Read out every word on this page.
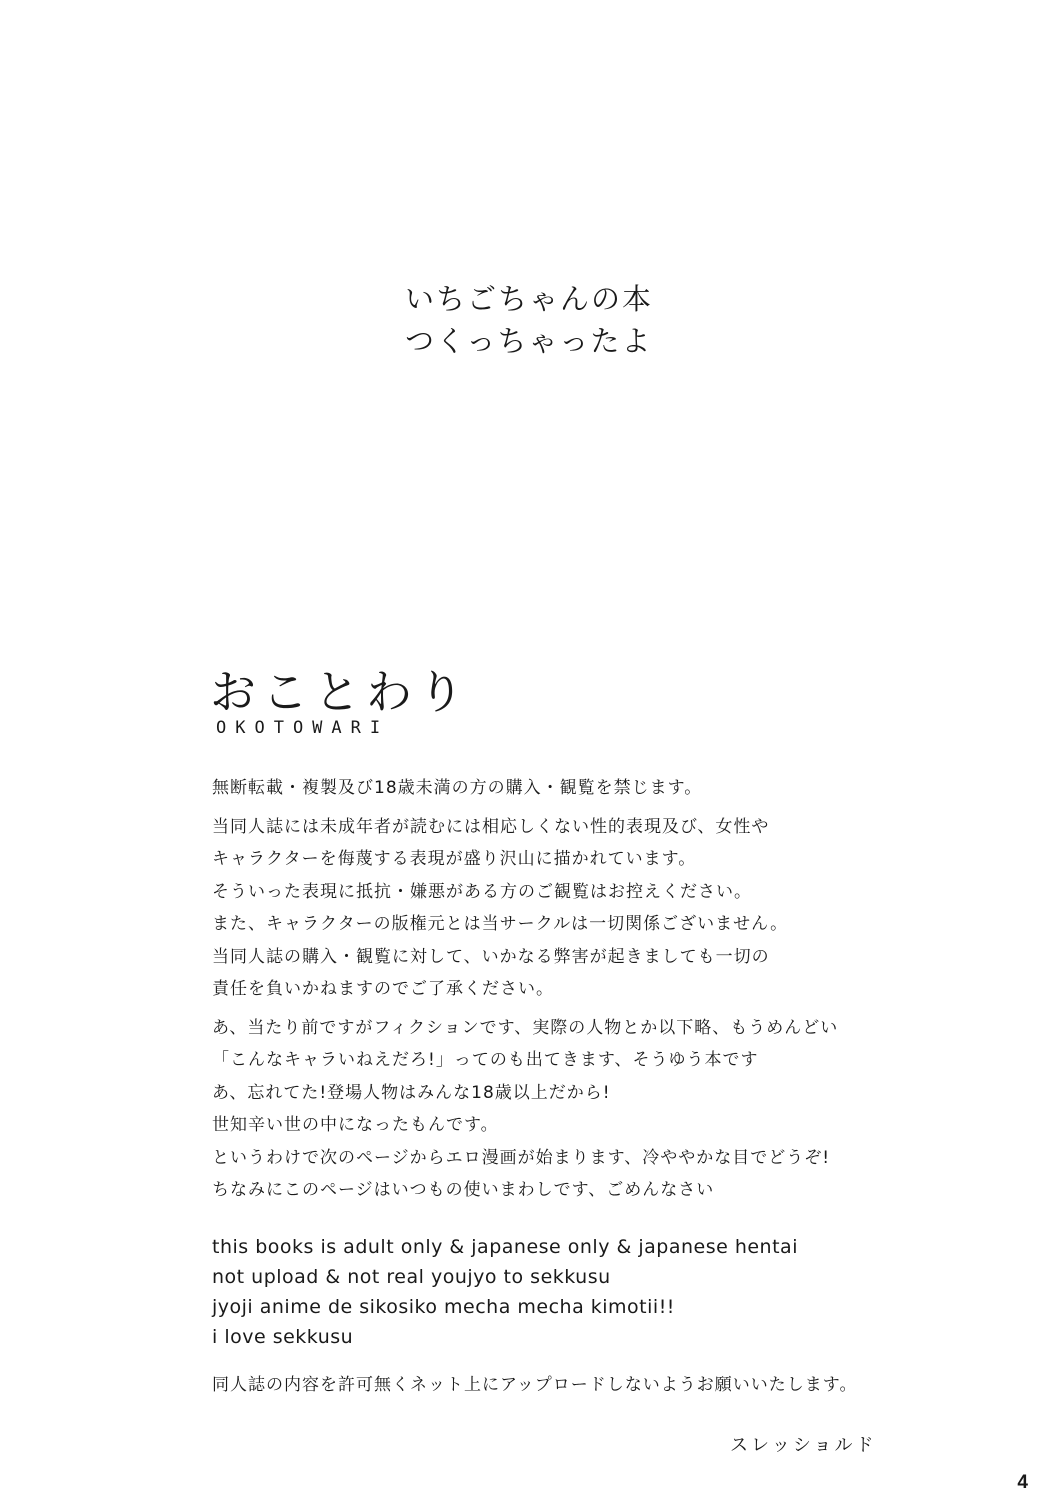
いちごちゃんの本
つくっちゃったよ
おことわり
OKOTOWARI
無断転載・複製及び18歳未満の方の購入・観覧を禁じます。
当同人誌には未成年者が読むには相応しくない性的表現及び、女性や
キャラクターを侮蔑する表現が盛り沢山に描かれています。
そういった表現に抵抗・嫌悪がある方のご観覧はお控えください。
また、キャラクターの版権元とは当サークルは一切関係ございません。
当同人誌の購入・観覧に対して、いかなる弊害が起きましても一切の
責任を負いかねますのでご了承ください。
あ、当たり前ですがフィクションです、実際の人物とか以下略、もうめんどい
「こんなキャラいねえだろ!」ってのも出てきます、そうゆう本です
あ、忘れてた!登場人物はみんな18歳以上だから!
世知辛い世の中になったもんです。
というわけで次のページからエロ漫画が始まります、冷ややかな目でどうぞ!
ちなみにこのページはいつもの使いまわしです、ごめんなさい
this books is adult only & japanese only & japanese hentai
not upload & not real youjyo to sekkusu
jyoji anime de sikosiko mecha mecha kimotii!!
i love sekkusu
同人誌の内容を許可無くネット上にアップロードしないようお願いいたします。
スレッショルド
4
